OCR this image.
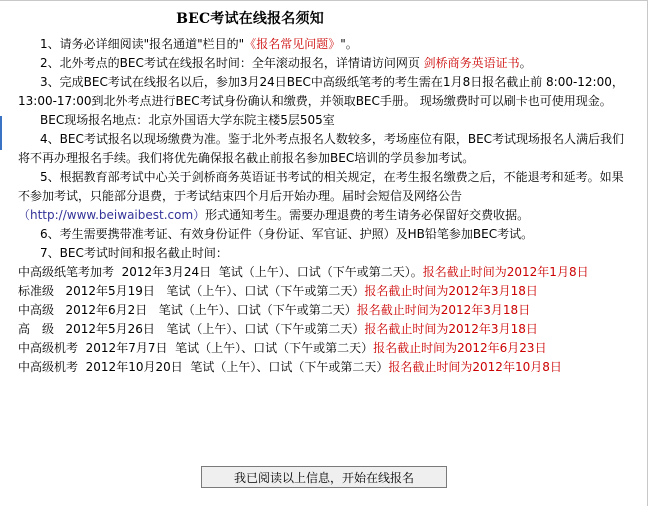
BEC考试在线报名须知

1、请务必详细阅读"报名通道"栏目的"《报名常见问题》"。

2、北外考点的BEC考试在线报名时间：全年滚动报名，详情请访问网页 剑桥商务英语证书。

3、完成BEC考试在线报名以后，参加3月24日BEC中高级纸笔考的考生需在1月8日报名截止前 8:00-12:00，13:00-17:00到北外考点进行BEC考试身份确认和缴费，并领取BEC手册。 现场缴费时可以刷卡也可使用现金。

BEC现场报名地点：北京外国语大学东院主楼5层505室

4、BEC考试报名以现场缴费为准。鉴于北外考点报名人数较多，考场座位有限，BEC考试现场报名人满后我们将不再办理报名手续。我们将优先确保报名截止前报名参加BEC培训的学员参加考试。

5、根据教育部考试中心关于剑桥商务英语证书考试的相关规定，在考生报名缴费之后，不能退考和延考。如果不参加考试，只能部分退费，于考试结束四个月后开始办理。届时会短信及网络公告（http://www.beiwaibest.com）形式通知考生。需要办理退费的考生请务必保留好交费收据。

6、考生需要携带准考证、有效身份证件（身份证、军官证、护照）及HB铅笔参加BEC考试。

7、BEC考试时间和报名截止时间：

中高级纸笔考加考 2012年3月24日 笔试（上午）、口试（下午或第二天）。报名截止时间为2012年1月8日

标准级 2012年5月19日 笔试（上午）、口试（下午或第二天）报名截止时间为2012年3月18日

中高级 2012年6月2日 笔试（上午）、口试（下午或第二天）报名截止时间为2012年3月18日

高　级 2012年5月26日 笔试（上午）、口试（下午或第二天）报名截止时间为2012年3月18日

中高级机考 2012年7月7日 笔试（上午）、口试（下午或第二天）报名截止时间为2012年6月23日

中高级机考 2012年10月20日 笔试（上午）、口试（下午或第二天）报名截止时间为2012年10月8日

我已阅读以上信息，开始在线报名
